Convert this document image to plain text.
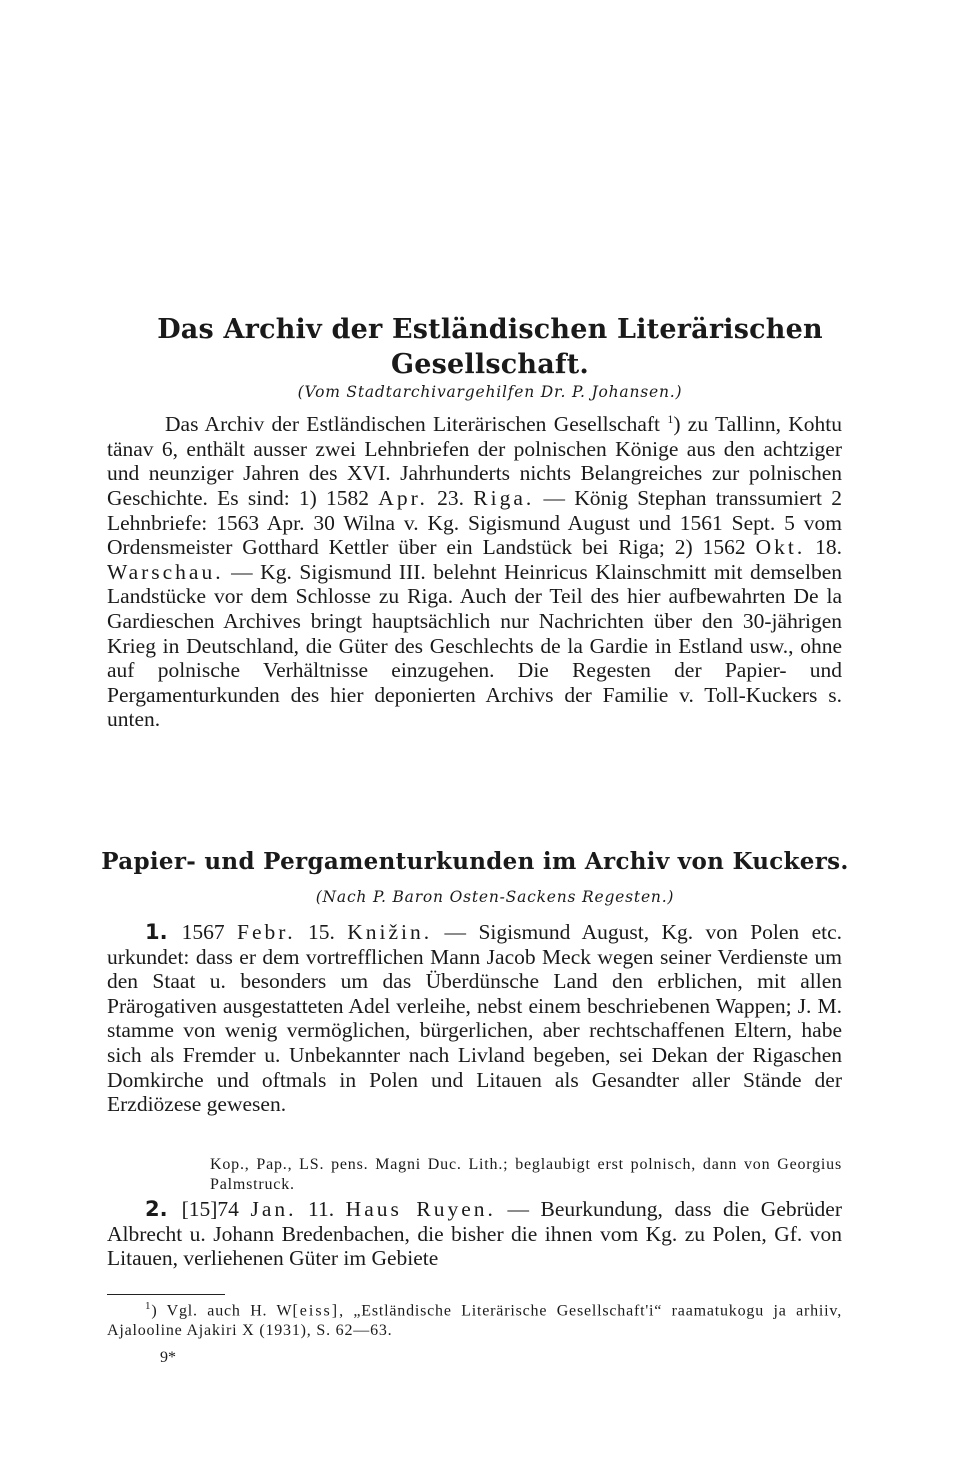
Das Archiv der Estländischen Literärischen
Gesellschaft.
(Vom Stadtarchivargehilfen Dr. P. Johansen.)

Das Archiv der Estländischen Literärischen Gesellschaft $^1$) zu Tallinn, Kohtu tänav 6, enthält ausser zwei Lehnbriefen der polnischen Könige aus den achtziger und neunziger Jahren des XVI. Jahrhunderts nichts Belangreiches zur polnischen Geschichte. Es sind: 1) 1582 Apr. 23. Riga. — König Stephan transsumiert 2 Lehnbriefe: 1563 Apr. 30 Wilna v. Kg. Sigismund August und 1561 Sept. 5 vom Ordensmeister Gotthard Kettler über ein Landstück bei Riga; 2) 1562 Okt. 18. Warschau. — Kg. Sigismund III. belehnt Heinricus Klainschmitt mit demselben Landstücke vor dem Schlosse zu Riga. Auch der Teil des hier aufbewahrten De la Gardieschen Archives bringt hauptsächlich nur Nachrichten über den 30-jährigen Krieg in Deutschland, die Güter des Geschlechts de la Gardie in Estland usw., ohne auf polnische Verhältnisse einzugehen. Die Regesten der Papier- und Pergamenturkunden des hier deponierten Archivs der Familie v. Toll-Kuckers s. unten.

Papier- und Pergamenturkunden im Archiv von Kuckers.
(Nach P. Baron Osten-Sackens Regesten.)

1. 1567 Febr. 15. Knižin. — Sigismund August, Kg. von Polen etc. urkundet: dass er dem vortrefflichen Mann Jacob Meck wegen seiner Verdienste um den Staat u. besonders um das Überdünsche Land den erblichen, mit allen Prärogativen ausgestatteten Adel verleihe, nebst einem beschriebenen Wappen; J. M. stamme von wenig vermöglichen, bürgerlichen, aber rechtschaffenen Eltern, habe sich als Fremder u. Unbekannter nach Livland begeben, sei Dekan der Rigaschen Domkirche und oftmals in Polen und Litauen als Gesandter aller Stände der Erzdiözese gewesen.

Kop., Pap., LS. pens. Magni Duc. Lith.; beglaubigt erst polnisch, dann von Georgius Palmstruck.

2. [15]74 Jan. 11. Haus Ruyen. — Beurkundung, dass die Gebrüder Albrecht u. Johann Bredenbachen, die bisher die ihnen vom Kg. zu Polen, Gf. von Litauen, verliehenen Güter im Gebiete

$^1$) Vgl. auch H. W[eiss], „Estländische Literärische Gesellschaft'i“ raamatukogu ja arhiiv, Ajalooline Ajakiri X (1931), S. 62—63.

9*
